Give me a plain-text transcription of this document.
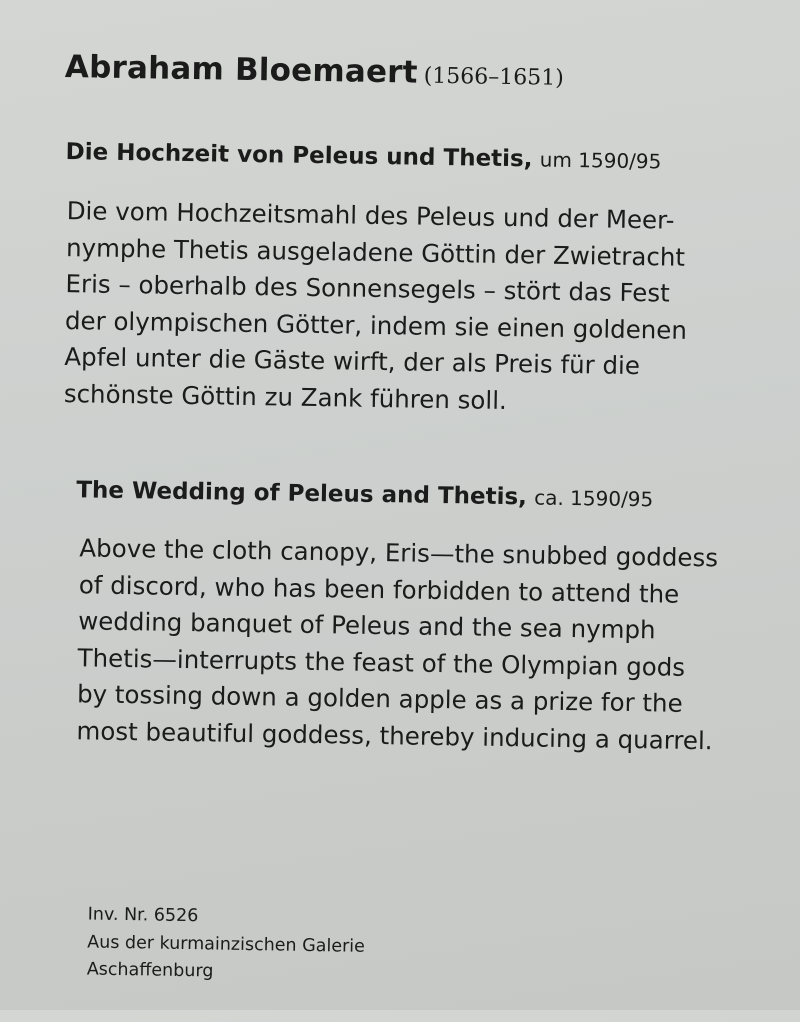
Abraham Bloemaert (1566–1651)
Die Hochzeit von Peleus und Thetis, um 1590/95

Die vom Hochzeitsmahl des Peleus und der Meer-
nymphe Thetis ausgeladene Göttin der Zwietracht
Eris – oberhalb des Sonnensegels – stört das Fest
der olympischen Götter, indem sie einen goldenen
Apfel unter die Gäste wirft, der als Preis für die
schönste Göttin zu Zank führen soll.

The Wedding of Peleus and Thetis, ca. 1590/95

Above the cloth canopy, Eris—the snubbed goddess
of discord, who has been forbidden to attend the
wedding banquet of Peleus and the sea nymph
Thetis—interrupts the feast of the Olympian gods
by tossing down a golden apple as a prize for the
most beautiful goddess, thereby inducing a quarrel.

Inv. Nr. 6526
Aus der kurmainzischen Galerie
Aschaffenburg
